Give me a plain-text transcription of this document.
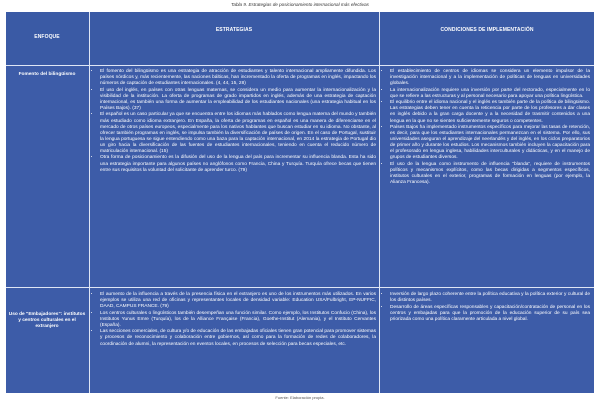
Tabla 9. Estrategias de posicionamiento internacional más efectivas
ENFOQUE
ESTRATEGIAS	CONDICIONES DE IMPLEMENTACIÓN
Fomento del bilingüismo
• El fomento del bilingüismo es una estrategia de atracción de estudiantes y talento internacional ampliamente difundida. Los países nórdicos y, más recientemente, las naciones bálticas, han incrementado la oferta de programas en inglés, impactando los números de captación de estudiantes internacionales. (4, 44, 15, 28)
• El uso del inglés, en países con otras lenguas maternas, se considera un medio para aumentar la internacionalización y la visibilidad de la institución. La oferta de programas de grado impartidos en inglés, además de una estrategia de captación internacional, es también una forma de aumentar la empleabilidad de los estudiantes nacionales (una estrategia habitual en los Países Bajos). (37)
• El español es un caso particular ya que se encuentra entre los idiomas más hablados como lengua materna del mundo y también más estudiado como idioma extranjero. En España, la oferta de programas en español es una manera de diferenciarse en el mercado de otros países europeos, especialmente para los nativos hablantes que buscan estudiar en su idioma. No obstante, al ofrecer también programas en inglés, se impulsa también la diversificación de países de origen. En el caso de Portugal, sustituir la lengua portuguesa se sigue entendiendo como una baza para la captación internacional, en 2014 la estrategia de Portugal dio un giro hacia la diversificación de las fuentes de estudiantes internacionales, teniendo en cuenta el reducido número de matriculación internacional. (15)
• Otra forma de posicionamiento es la difusión del uso de la lengua del país para incrementar su influencia blanda. Esta ha sido una estrategia importante para algunos países no anglófonos como Francia, China y Turquía. Turquía ofrece becas que tienen entre sus requisitos la voluntad del solicitante de aprender turco. (79)
• El establecimiento de centros de idiomas se considera un elemento impulsor de la investigación internacional y a la implementación de políticas de lenguas en universidades globales.
• La internacionalización requiere una inversión por parte del rectorado, especialmente en lo que se refiere a las estructuras y al personal necesario para apoyar una política lingüística.
• El equilibrio entre el idioma nacional y el inglés es también parte de la política de bilingüismo. Las estrategias deben tener en cuenta la reticencia por parte de los profesores a dar clases en inglés debido a la gran carga docente y a la necesidad de trasmitir contenidos a una lengua en la que no se sienten suficientemente seguros o competentes.
• Países Bajos ha implementado instrumentos específicos para mejorar las tasas de retención, es decir, para que los estudiantes internacionales permanezcan en el sistema. Por ello, sus universidades aseguran el aprendizaje del neerlandés y del inglés, en los ciclos preparatorios de primer año y durante los estudios. Los mecanismos también incluyen la capacitación para el profesorado en lengua inglesa, habilidades interculturales y didácticas, y en el manejo de grupos de estudiantes diversos.
• El uso de la lengua como instrumento de influencia "blanda", requiere de instrumentos políticos y mecanismos explícitos, como las becas dirigidas a segmentos específicos, institutos culturales en el exterior, programas de formación en lenguas (por ejemplo, la Alianza Francesa).
Uso de "Embajadores": institutos y centros culturales en el extranjero
• El aumento de la influencia a través de la presencia física en el extranjero es uno de los instrumentos más utilizados. En varios ejemplos se utiliza una red de oficinas y representantes locales de densidad variable: Education USA/Fulbright, EP-NUFFIC, DAAD, CAMPUS FRANCE. (79)
• Los centros culturales o lingüísticos también desempeñan una función similar. Como ejemplo, los Institutos Confucio (China), los Institutos Yunus Emre (Turquía), los de la Alliance Française (Francia), Goethe-Institut (Alemania), y el Instituto Cervantes (España).
• Las secciones comerciales, de cultura y/o de educación de las embajadas oficiales tienen gran potencial para promover sistemas y procesos de reconocimiento y colaboración entre gobiernos, así como para la formación de redes de colaboradores, la coordinación de alumni, la representación en eventos locales, en procesos de selección para becas especiales, etc.
• Inversión de largo plazo coherente entre la política educativa y la política exterior y cultural de los distintos países.
• Desarrollo de áreas específicas responsables y capacitación/contratación de personal en los centros y embajadas para que la promoción de la educación superior de su país sea priorizada como una política claramente articulada a nivel global.
Fuente: Elaboración propia.
